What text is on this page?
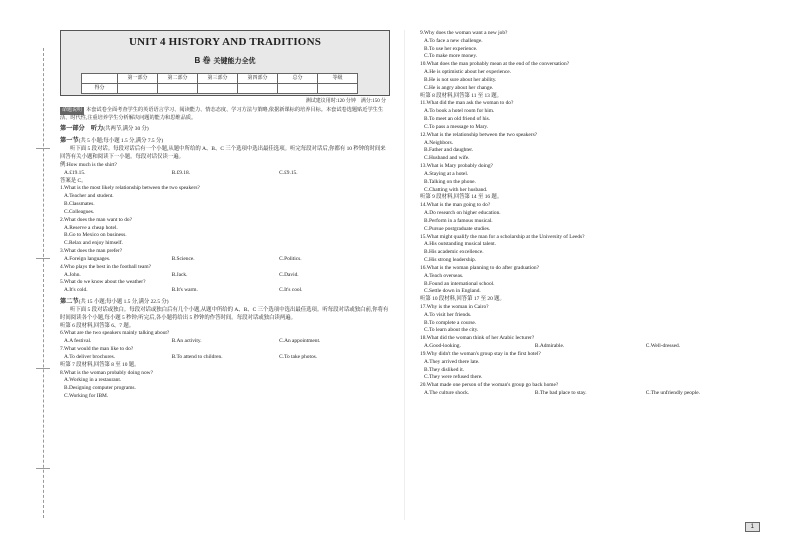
UNIT 4 HISTORY AND TRADITIONS
B 卷 关键能力全优
	第一部分	第二部分	第三部分	第四部分	总分	等级
得分						
测试建议用时:120 分钟　满分:150 分
命题说明 本套试卷全面考查学生的英语语言学习、阅读能力、情态态度、学习方法与策略,依据新课标的培养目标。本套试卷选题贴近学生生活、时代性,注重培养学生分析解决问题的能力和思维品质。
第一部分　听力(共两节,满分 30 分)
第一节(共 5 小题;每小题 1.5 分,满分 7.5 分)
听下面 5 段对话。每段对话后有一个小题,从题中所给的 A、B、C 三个选项中选出最佳选项。听完每段对话后,你都有 10 秒钟的时间来回答有关小题和阅读下一小题。每段对话仅读一遍。
例:How much is the shirt?
A.£19.15.	B.£9.18.	C.£9.15.
答案是 C。
1.What is the most likely relationship between the two speakers?
A.Teacher and student.
B.Classmates.
C.Colleagues.
2.What does the man want to do?
A.Reserve a cheap hotel.
B.Go to Mexico on business.
C.Relax and enjoy himself.
3.What does the man prefer?
A.Foreign languages.	B.Science.	C.Politics.
4.Who plays the best in the football team?
A.John.	B.Jack.	C.David.
5.What do we know about the weather?
A.It's cold.	B.It's warm.	C.It's cool.
第二节(共 15 小题;每小题 1.5 分,满分 22.5 分)
听下面 5 段对话或独白。每段对话或独白后有几个小题,从题中所给的 A、B、C 三个选项中选出最佳选项。听每段对话或独白前,你将有时间阅读各个小题,每小题 5 秒钟;听完后,各小题将给出 5 秒钟的作答时间。每段对话或独白读两遍。
听第 6 段材料,回答第 6、7 题。
6.What are the two speakers mainly talking about?
A.A festival.	B.An activity.	C.An appointment.
7.What would the man like to do?
A.To deliver brochures.	B.To attend to children.	C.To take photos.
听第 7 段材料,回答第 8 至 10 题。
8.What is the woman probably doing now?
A.Working in a restaurant.
B.Designing computer programs.
C.Working for IBM.
9.Why does the woman want a new job?
A.To face a new challenge.
B.To use her experience.
C.To make more money.
10.What does the man probably mean at the end of the conversation?
A.He is optimistic about her experience.
B.He is not sure about her ability.
C.He is angry about her change.
听第 8 段材料,回答第 11 至 13 题。
11.What did the man ask the woman to do?
A.To book a hotel room for him.
B.To meet an old friend of his.
C.To pass a message to Mary.
12.What is the relationship between the two speakers?
A.Neighbors.
B.Father and daughter.
C.Husband and wife.
13.What is Mary probably doing?
A.Staying at a hotel.
B.Talking on the phone.
C.Chatting with her husband.
听第 9 段材料,回答第 14 至 16 题。
14.What is the man going to do?
A.Do research on higher education.
B.Perform in a famous musical.
C.Pursue postgraduate studies.
15.What might qualify the man for a scholarship at the University of Leeds?
A.His outstanding musical talent.
B.His academic excellence.
C.His strong leadership.
16.What is the woman planning to do after graduation?
A.Teach overseas.
B.Found an international school.
C.Settle down in England.
听第 10 段材料,回答第 17 至 20 题。
17.Why is the woman in Cairo?
A.To visit her friends.
B.To complete a course.
C.To learn about the city.
18.What did the woman think of her Arabic lecturer?
A.Good-looking.	B.Admirable.	C.Well-dressed.
19.Why didn't the woman's group stay in the first hotel?
A.They arrived there late.
B.They disliked it.
C.They were refused there.
20.What made one person of the woman's group go back home?
A.The culture shock.	B.The bad place to stay.	C.The unfriendly people.
1
